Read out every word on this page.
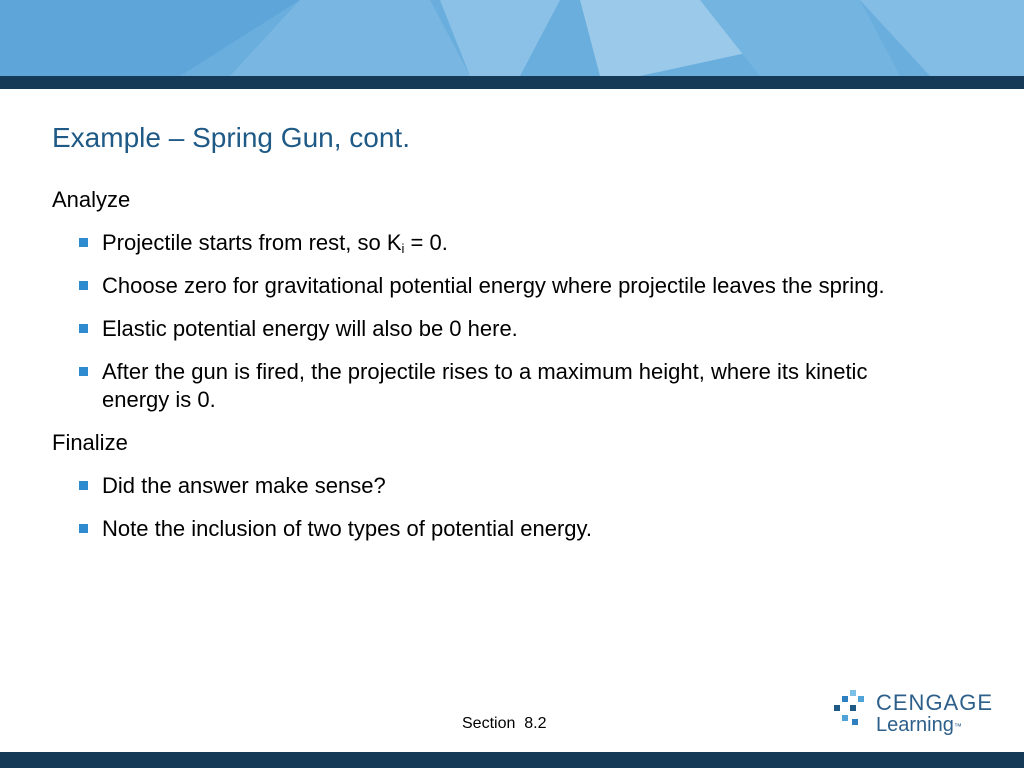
Example – Spring Gun, cont.
Analyze
Projectile starts from rest, so $K_i = 0$.
Choose zero for gravitational potential energy where projectile leaves the spring.
Elastic potential energy will also be 0 here.
After the gun is fired, the projectile rises to a maximum height, where its kinetic energy is 0.
Finalize
Did the answer make sense?
Note the inclusion of two types of potential energy.
Section  8.2
CENGAGE
Learning™
